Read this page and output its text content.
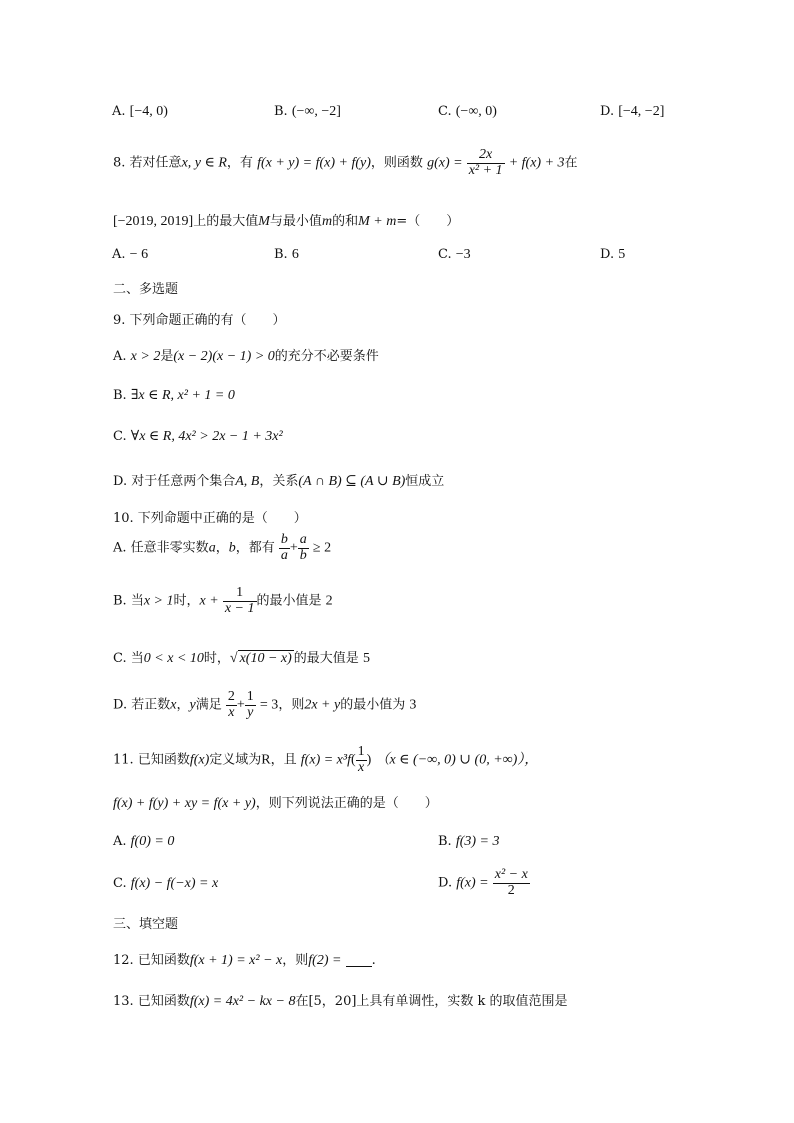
A. [−4, 0)	B. (−∞, −2]	C. (−∞, 0)	D. [−4, −2]
8. 若对任意x, y ∈ R，有 f(x + y) = f(x) + f(y)，则函数 $g(x) = \frac{2x}{\text{x² + 1}} + f(x) + 3$在
[−2019, 2019]上的最大值M与最小值m的和M + m=（　　）
A. − 6	B. 6	C. −3	D. 5
二、多选题
9. 下列命题正确的有（　　）
A. x > 2是(x − 2)(x − 1) > 0的充分不必要条件
B. ∃x ∈ R, x² + 1 = 0
C. ∀x ∈ R, 4x² > 2x − 1 + 3x²
D. 对于任意两个集合A, B，关系(A ∩ B) ⊆ (A ∪ B)恒成立
10. 下列命题中正确的是（　　）
A. 任意非零实数a，b，都有 $\frac{b}{a} + \frac{a}{b} \ge 2$
B. 当x > 1时，$x + \frac{1}{x - 1}$ 的最小值是 2
C. 当0 < x < 10时，√ x(10 − x) 的最大值是 5
D. 若正数x，y满足 $\frac{2}{x} + \frac{1}{y} = 3$，则2x + y的最小值为 3
11. 已知函数f(x)定义域为R，且 $f(x) = x^3f( \frac{1}{x}$ ) （x ∈ (−∞, 0) ∪ (0, +∞)），
f(x) + f(y) + xy = f(x + y)，则下列说法正确的是（　　）
A. f(0) = 0	B. f(3) = 3
C. f(x) − f(−x) = x	D. $f(x) = \frac{\text{x² − x}}{2}$
三、填空题
12. 已知函数f(x + 1) = x² − x，则f(2) = .
13. 已知函数f(x) = 4x² − kx − 8在[5，20]上具有单调性，实数 k 的取值范围是
